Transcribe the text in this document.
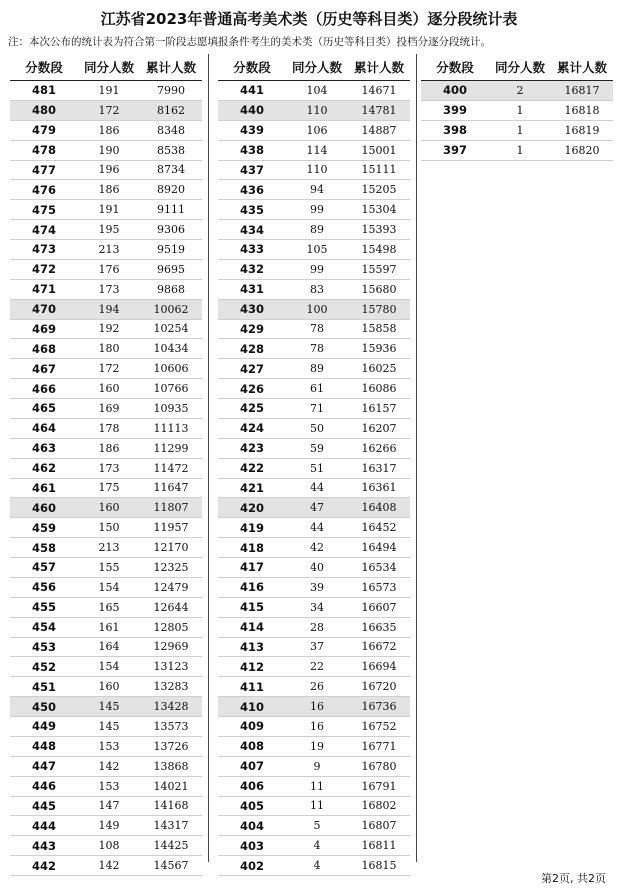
江苏省2023年普通高考美术类（历史等科目类）逐分段统计表
注：本次公布的统计表为符合第一阶段志愿填报条件考生的美术类（历史等科目类）投档分逐分段统计。
分数段	同分人数 累计人数
481	191	7990
480	172	8162
479	186	8348
478	190	8538
477	196	8734
476	186	8920
475	191	9111
474	195	9306
473	213	9519
472	176	9695
471	173	9868
470	194	10062
469	192	10254
468	180	10434
467	172	10606
466	160	10766
465	169	10935
464	178	11113
463	186	11299
462	173	11472
461	175	11647
460	160	11807
459	150	11957
458	213	12170
457	155	12325
456	154	12479
455	165	12644
454	161	12805
453	164	12969
452	154	13123
451	160	13283
450	145	13428
449	145	13573
448	153	13726
447	142	13868
446	153	14021
445	147	14168
444	149	14317
443	108	14425
442	142	14567
分数段	同分人数 累计人数
441	104	14671
440	110	14781
439	106	14887
438	114	15001
437	110	15111
436	94	15205
435	99	15304
434	89	15393
433	105	15498
432	99	15597
431	83	15680
430	100	15780
429	78	15858
428	78	15936
427	89	16025
426	61	16086
425	71	16157
424	50	16207
423	59	16266
422	51	16317
421	44	16361
420	47	16408
419	44	16452
418	42	16494
417	40	16534
416	39	16573
415	34	16607
414	28	16635
413	37	16672
412	22	16694
411	26	16720
410	16	16736
409	16	16752
408	19	16771
407	9	16780
406	11	16791
405	11	16802
404	5	16807
403	4	16811
402	4	16815
分数段	同分人数 累计人数
400	2	16817
399	1	16818
398	1	16819
397	1	16820
第2页, 共2页
